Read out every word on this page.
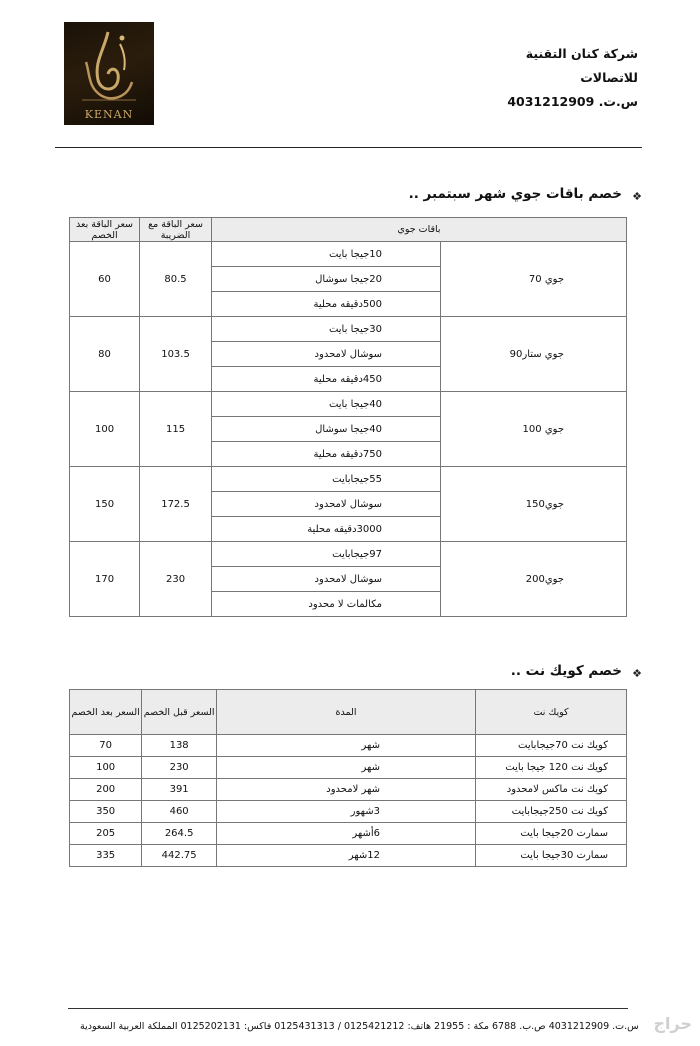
KENAN
شركة كنان التقنية
للاتصالات
س.ت. 4031212909
❖
خصم باقات جوي شهر سبتمبر ..
باقات جوي		سعر الباقة مع الضريبة	سعر الباقة بعد الخصم
جوي 70	10جيجا بايت	80.5	60
	20جيجا سوشال		
	500دقيقه محلية		
جوي ستار90	30جيجا بايت	103.5	80
	سوشال لامحدود		
	450دقيقه محلية		
جوي 100	40جيجا بايت	115	100
	40جيجا سوشال		
	750دقيقه محلية		
جوي150	55جيجابايت	172.5	150
	سوشال لامحدود		
	3000دقيقه محلية		
جوي200	97جيجابايت	230	170
	سوشال لامحدود		
	مكالمات لا محدود		
❖
خصم كويك نت ..
كويك نت	المدة	السعر قبل الخصم	السعر بعد الخصم
كويك نت 70جيجابايت	شهر	138	70
كويك نت 120 جيجا بايت	شهر	230	100
كويك نت ماكس لامحدود	شهر لامحدود	391	200
كويك نت 250جيجابايت	3شهور	460	350
سمارت 20جيجا بايت	6أشهر	264.5	205
سمارت 30جيجا بايت	12شهر	442.75	335
س.ت. 4031212909 ص.ب. 6788 مكة : 21955 هاتف: 0125421212 / 0125431313 فاكس: 0125202131 المملكة العربية السعودية حراج
